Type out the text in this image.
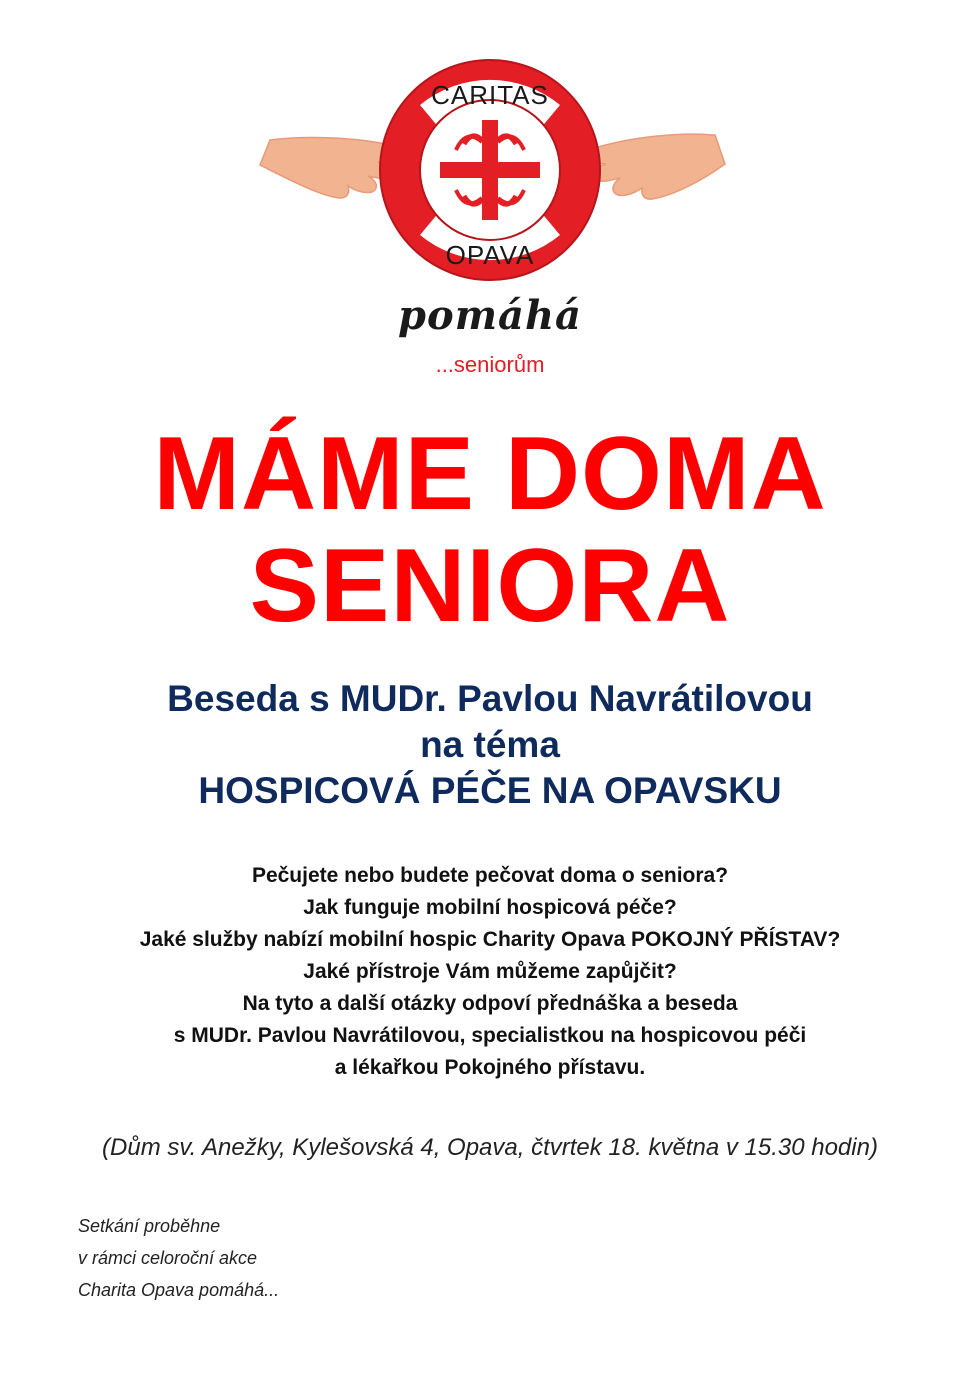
CARITAS
OPAVA
pomáhá
...seniorům
MÁME DOMA
SENIORA
Beseda s MUDr. Pavlou Navrátilovou
na téma
HOSPICOVÁ PÉČE NA OPAVSKU
Pečujete nebo budete pečovat doma o seniora?
Jak funguje mobilní hospicová péče?
Jaké služby nabízí mobilní hospic Charity Opava POKOJNÝ PŘÍSTAV?
Jaké přístroje Vám můžeme zapůjčit?
Na tyto a další otázky odpoví přednáška a beseda
s MUDr. Pavlou Navrátilovou, specialistkou na hospicovou péči
a lékařkou Pokojného přístavu.
(Dům sv. Anežky, Kylešovská 4, Opava, čtvrtek 18. května v 15.30 hodin)
Setkání proběhne
v rámci celoroční akce
Charita Opava pomáhá...
